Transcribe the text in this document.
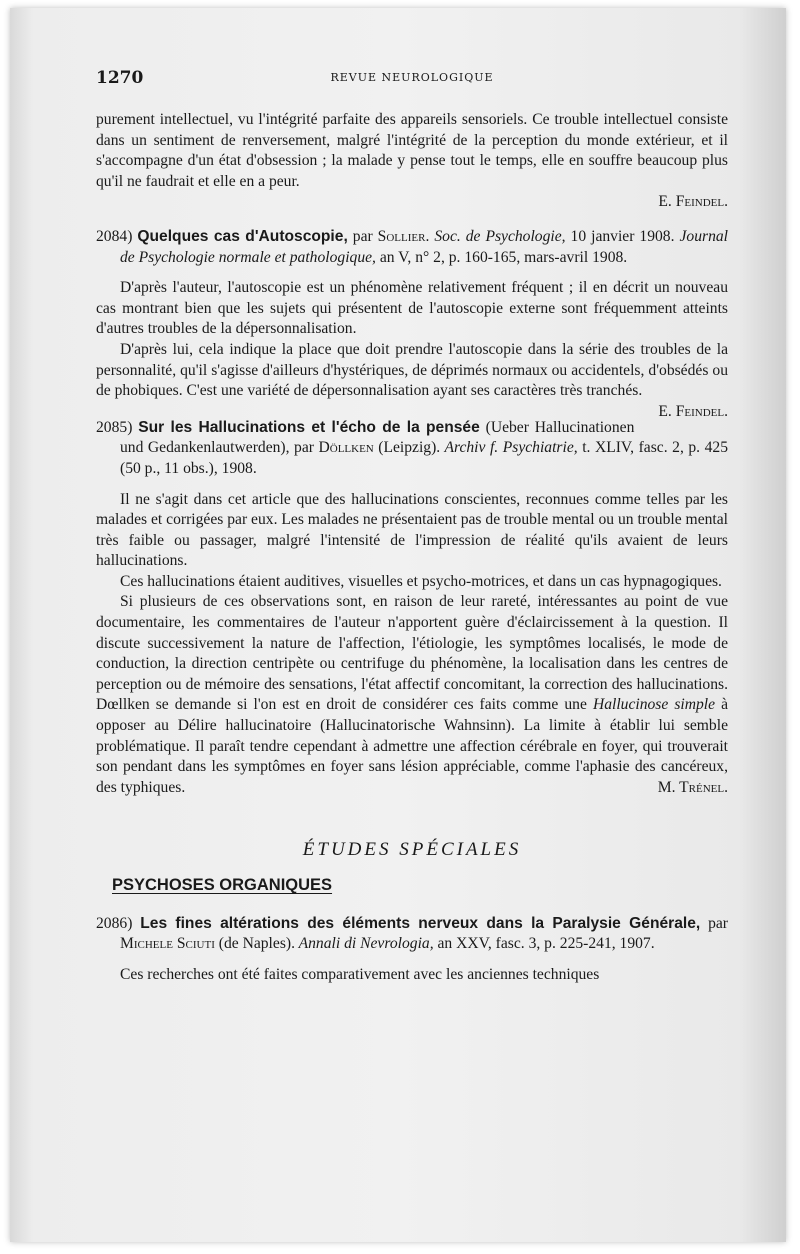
1270	REVUE NEUROLOGIQUE

purement intellectuel, vu l'intégrité parfaite des appareils sensoriels. Ce trouble intellectuel consiste dans un sentiment de renversement, malgré l'intégrité de la perception du monde extérieur, et il s'accompagne d'un état d'obsession ; la malade y pense tout le temps, elle en souffre beaucoup plus qu'il ne faudrait et elle en a peur.

E. Feindel.

2084) Quelques cas d'Autoscopie, par Sollier. Soc. de Psychologie, 10 janvier 1908. Journal de Psychologie normale et pathologique, an V, n° 2, p. 160-165, mars-avril 1908.

D'après l'auteur, l'autoscopie est un phénomène relativement fréquent ; il en décrit un nouveau cas montrant bien que les sujets qui présentent de l'autoscopie externe sont fréquemment atteints d'autres troubles de la dépersonnalisation.

D'après lui, cela indique la place que doit prendre l'autoscopie dans la série des troubles de la personnalité, qu'il s'agisse d'ailleurs d'hystériques, de déprimés normaux ou accidentels, d'obsédés ou de phobiques. C'est une variété de dépersonnalisation ayant ses caractères très tranchés.
E. Feindel.

2085) Sur les Hallucinations et l'écho de la pensée (Ueber Hallucinationen und Gedankenlautwerden), par Döllken (Leipzig). Archiv f. Psychiatrie, t. XLIV, fasc. 2, p. 425 (50 p., 11 obs.), 1908.

Il ne s'agit dans cet article que des hallucinations conscientes, reconnues comme telles par les malades et corrigées par eux. Les malades ne présentaient pas de trouble mental ou un trouble mental très faible ou passager, malgré l'intensité de l'impression de réalité qu'ils avaient de leurs hallucinations.

Ces hallucinations étaient auditives, visuelles et psycho-motrices, et dans un cas hypnagogiques.

Si plusieurs de ces observations sont, en raison de leur rareté, intéressantes au point de vue documentaire, les commentaires de l'auteur n'apportent guère d'éclaircissement à la question. Il discute successivement la nature de l'affection, l'étiologie, les symptômes localisés, le mode de conduction, la direction centripète ou centrifuge du phénomène, la localisation dans les centres de perception ou de mémoire des sensations, l'état affectif concomitant, la correction des hallucinations. Dœllken se demande si l'on est en droit de considérer ces faits comme une Hallucinose simple à opposer au Délire hallucinatoire (Hallucinatorische Wahnsinn). La limite à établir lui semble problématique. Il paraît tendre cependant à admettre une affection cérébrale en foyer, qui trouverait son pendant dans les symptômes en foyer sans lésion appréciable, comme l'aphasie des cancéreux, des typhiques.	M. Trénel.

ÉTUDES SPÉCIALES
PSYCHOSES ORGANIQUES

2086) Les fines altérations des éléments nerveux dans la Paralysie Générale, par Michele Sciuti (de Naples). Annali di Nevrologia, an XXV, fasc. 3, p. 225-241, 1907.

Ces recherches ont été faites comparativement avec les anciennes techniques
